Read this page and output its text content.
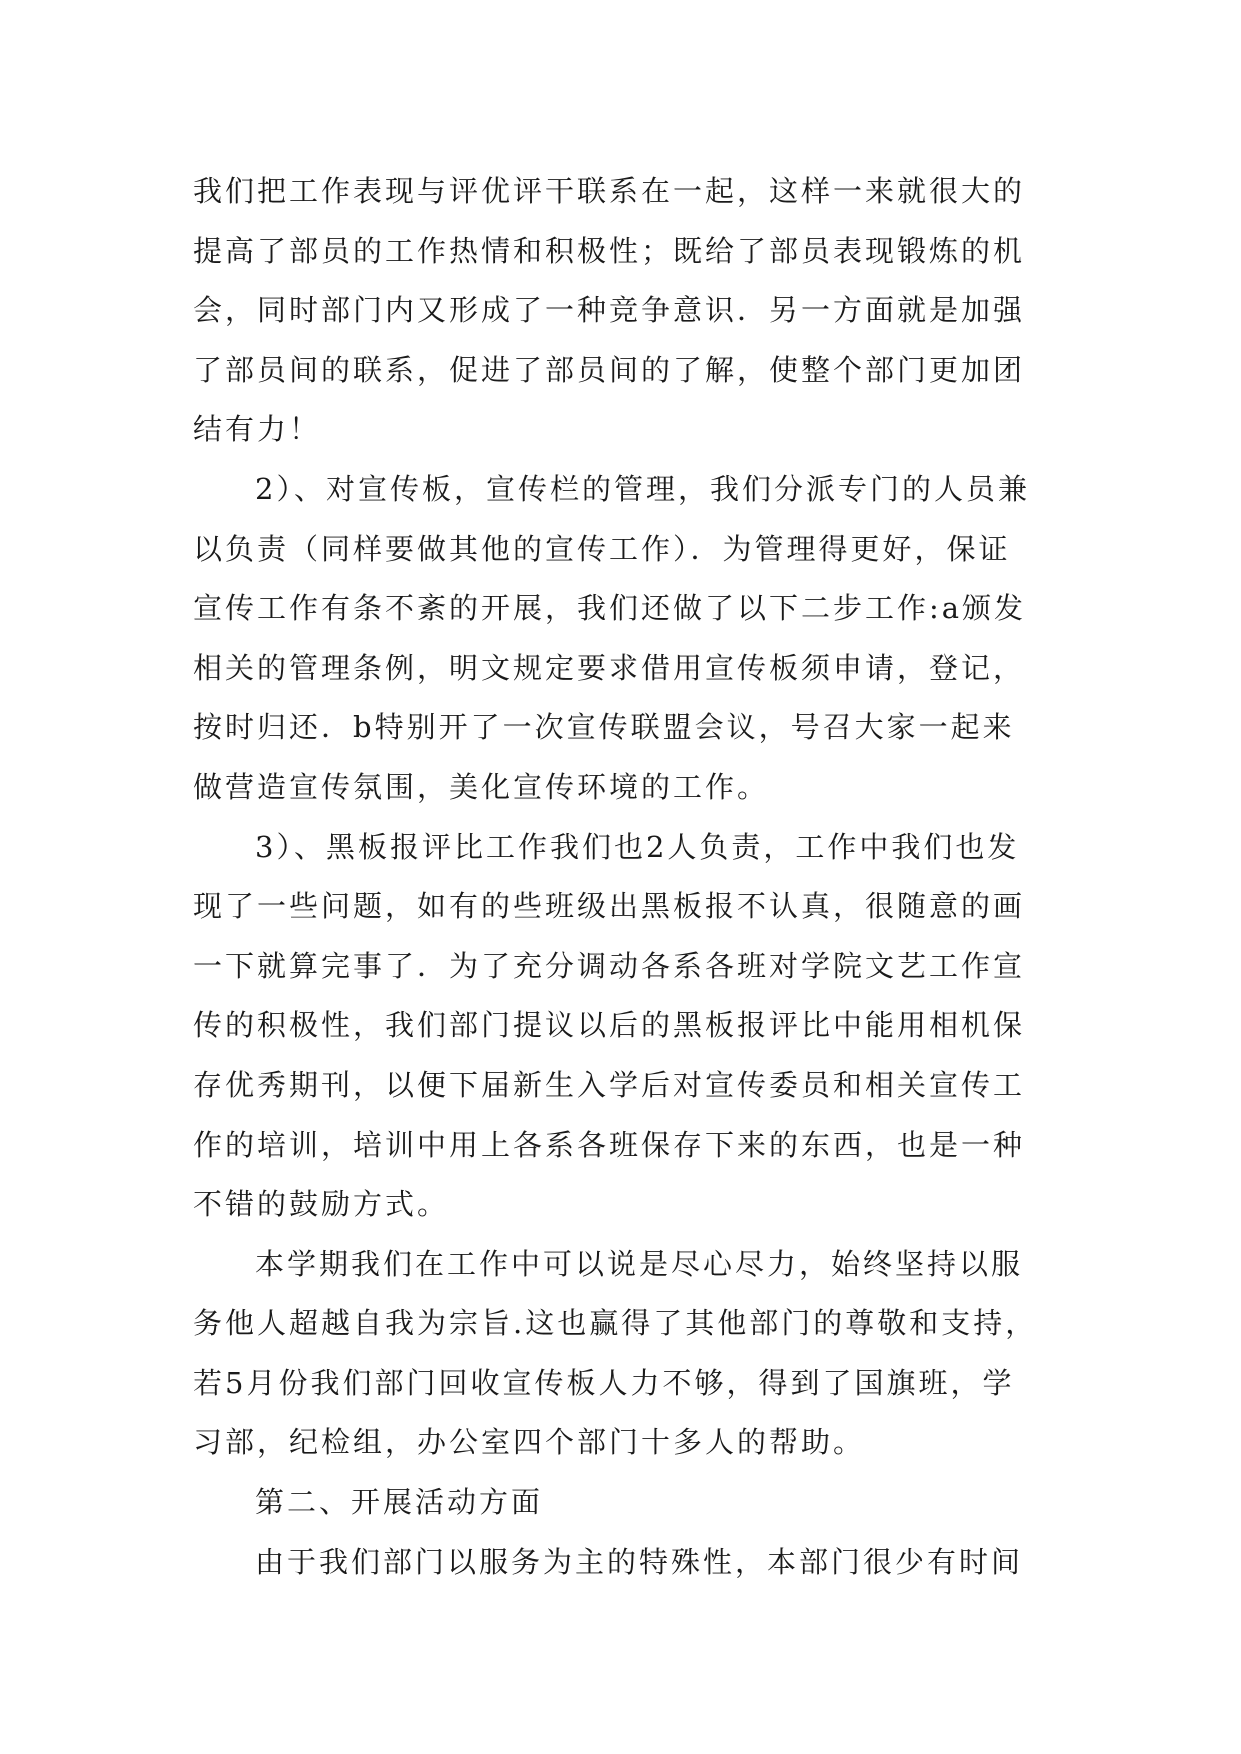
我们把工作表现与评优评干联系在一起，这样一来就很大的
提高了部员的工作热情和积极性；既给了部员表现锻炼的机
会，同时部门内又形成了一种竞争意识．另一方面就是加强
了部员间的联系，促进了部员间的了解，使整个部门更加团
结有力！
2）、对宣传板，宣传栏的管理，我们分派专门的人员兼
以负责（同样要做其他的宣传工作）．为管理得更好，保证
宣传工作有条不紊的开展，我们还做了以下二步工作:a颁发
相关的管理条例，明文规定要求借用宣传板须申请，登记，
按时归还．b特别开了一次宣传联盟会议，号召大家一起来
做营造宣传氛围，美化宣传环境的工作。
3）、黑板报评比工作我们也2人负责，工作中我们也发
现了一些问题，如有的些班级出黑板报不认真，很随意的画
一下就算完事了．为了充分调动各系各班对学院文艺工作宣
传的积极性，我们部门提议以后的黑板报评比中能用相机保
存优秀期刊，以便下届新生入学后对宣传委员和相关宣传工
作的培训，培训中用上各系各班保存下来的东西，也是一种
不错的鼓励方式。
本学期我们在工作中可以说是尽心尽力，始终坚持以服
务他人超越自我为宗旨.这也赢得了其他部门的尊敬和支持，
若5月份我们部门回收宣传板人力不够，得到了国旗班，学
习部，纪检组，办公室四个部门十多人的帮助。
第二、开展活动方面
由于我们部门以服务为主的特殊性，本部门很少有时间
